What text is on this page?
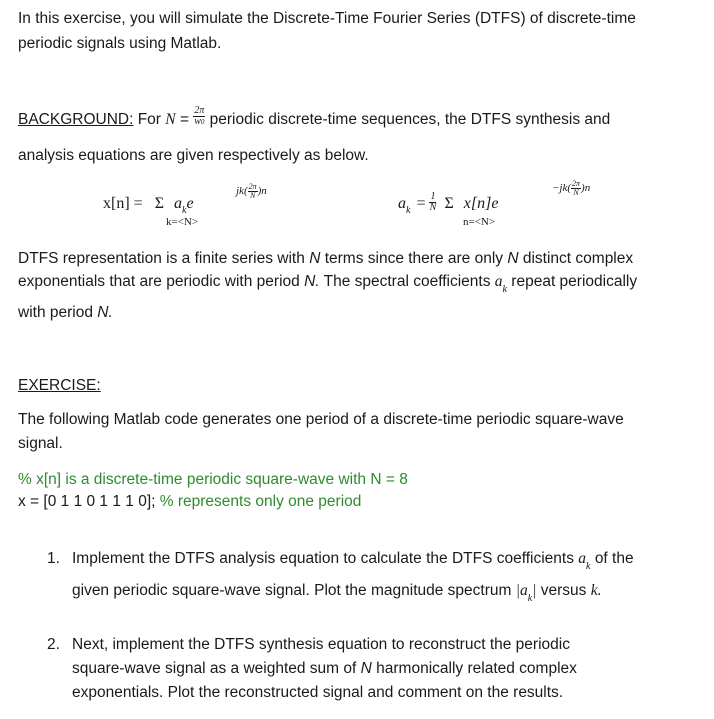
In this exercise, you will simulate the Discrete-Time Fourier Series (DTFS) of discrete-time
periodic signals using Matlab.
BACKGROUND: For $N = \frac{2\pi}{w0}$ periodic discrete-time sequences, the DTFS synthesis and
analysis equations are given respectively as below.
x[n] = Σ $a_ke$
$jk( \frac{2\pi}{N} )n$
k=<N>
$a_k = \frac{1}{N}$ Σ x[n]e
$-jk( \frac{2\pi}{N} )n$
n=<N>
DTFS representation is a finite series with N terms since there are only N distinct complex
exponentials that are periodic with period N. The spectral coefficients $a_k$ repeat periodically
with period N.
EXERCISE:
The following Matlab code generates one period of a discrete-time periodic square-wave
signal.
% x[n] is a discrete-time periodic square-wave with N = 8
x = [0 1 1 0 1 1 1 0]; % represents only one period
1. Implement the DTFS analysis equation to calculate the DTFS coefficients $a_k$ of the
given periodic square-wave signal. Plot the magnitude spectrum $|a_k|$ versus k.
2. Next, implement the DTFS synthesis equation to reconstruct the periodic
square-wave signal as a weighted sum of N harmonically related complex
exponentials. Plot the reconstructed signal and comment on the results.
